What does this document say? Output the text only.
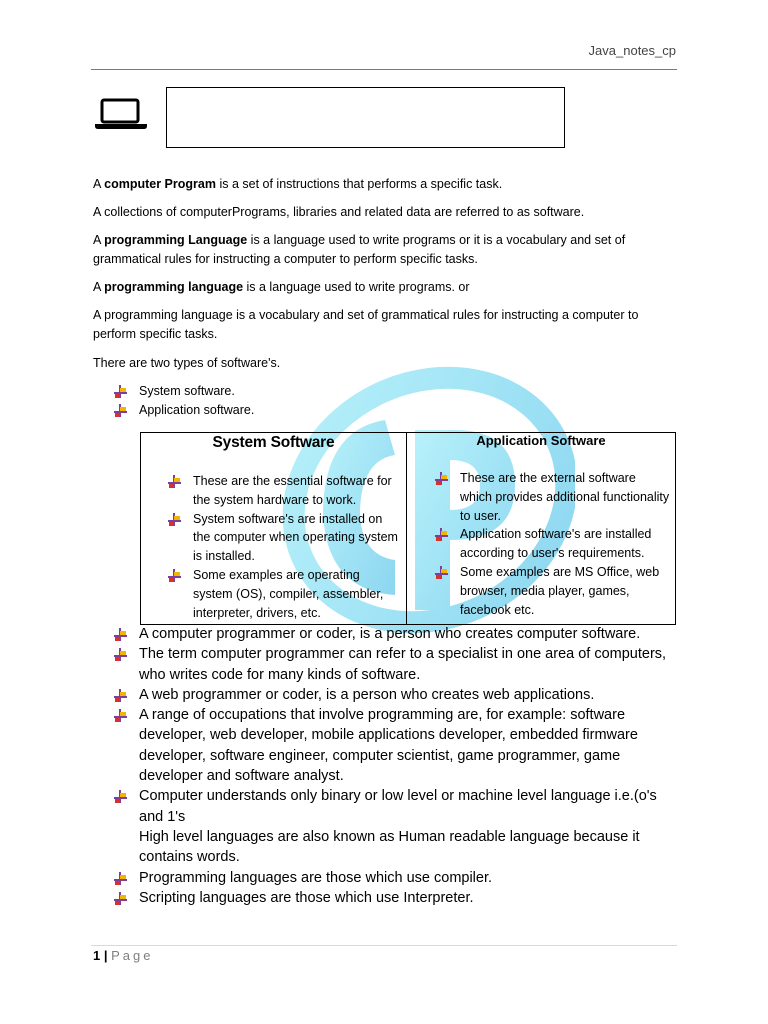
Java_notes_cp

A computer Program is a set of instructions that performs a specific task.

A collections of computerPrograms, libraries and related data are referred to as software.

A programming Language is a language used to write programs or it is a vocabulary and set of grammatical rules for instructing a computer to perform specific tasks.

A programming language is a language used to write programs. or

A programming language is a vocabulary and set of grammatical rules for instructing a computer to perform specific tasks.

There are two types of software's.

System software.
Application software.
System Software
These are the essential software for the system hardware to work.
System software's are installed on the computer when operating system is installed.
Some examples are operating system (OS), compiler, assembler, interpreter, drivers, etc.
Application Software
These are the external software which provides additional functionality to user.
Application software's are installed according to user's requirements.
Some examples are MS Office, web browser, media player, games, facebook etc.
A computer programmer or coder, is a person who creates computer software.
The term computer programmer can refer to a specialist in one area of computers, who writes code for many kinds of software.
A web programmer or coder, is a person who creates web applications.
A range of occupations that involve programming are, for example: software developer, web developer, mobile applications developer, embedded firmware developer, software engineer, computer scientist, game programmer, game developer and software analyst.
Computer understands only binary or low level or machine level language i.e.(o's and 1's
High level languages are also known as Human readable language because it contains words.
Programming languages are those which use compiler.
Scripting languages are those which use Interpreter.
1 | Page
